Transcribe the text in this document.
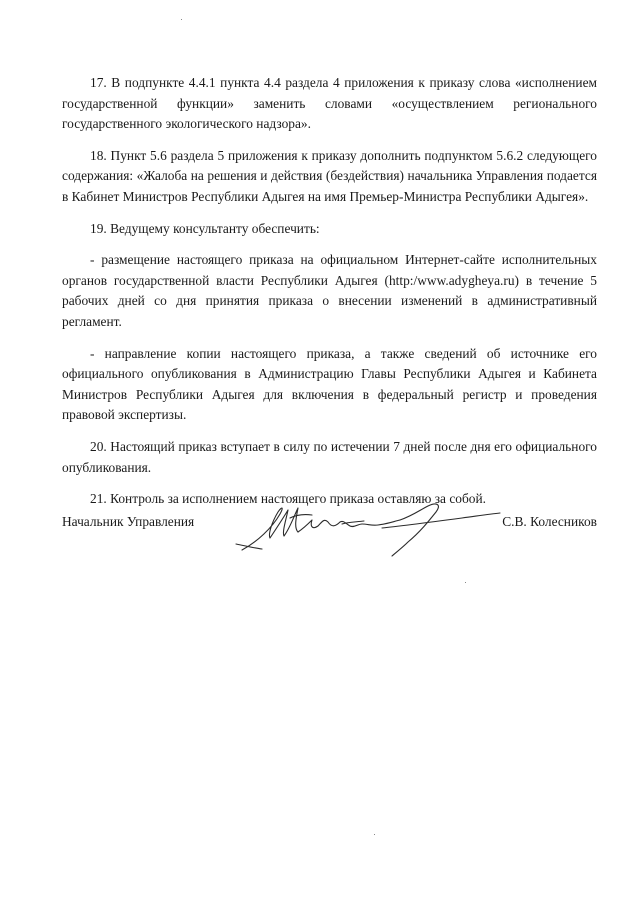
17. В подпункте 4.4.1 пункта 4.4 раздела 4 приложения к приказу слова «исполнением государственной функции» заменить словами «осуществлением регионального государственного экологического надзора».

18. Пункт 5.6 раздела 5 приложения к приказу дополнить подпунктом 5.6.2 следующего содержания: «Жалоба на решения и действия (бездействия) начальника Управления подается в Кабинет Министров Республики Адыгея на имя Премьер-Министра Республики Адыгея».

19. Ведущему консультанту обеспечить:

- размещение настоящего приказа на официальном Интернет-сайте исполнительных органов государственной власти Республики Адыгея (http:/www.adygheya.ru) в течение 5 рабочих дней со дня принятия приказа о внесении изменений в административный регламент.

- направление копии настоящего приказа, а также сведений об источнике его официального опубликования в Администрацию Главы Республики Адыгея и Кабинета Министров Республики Адыгея для включения в федеральный регистр и проведения правовой экспертизы.

20. Настоящий приказ вступает в силу по истечении 7 дней после дня его официального опубликования.

21. Контроль за исполнением настоящего приказа оставляю за собой.

Начальник Управления	С.В. Колесников
